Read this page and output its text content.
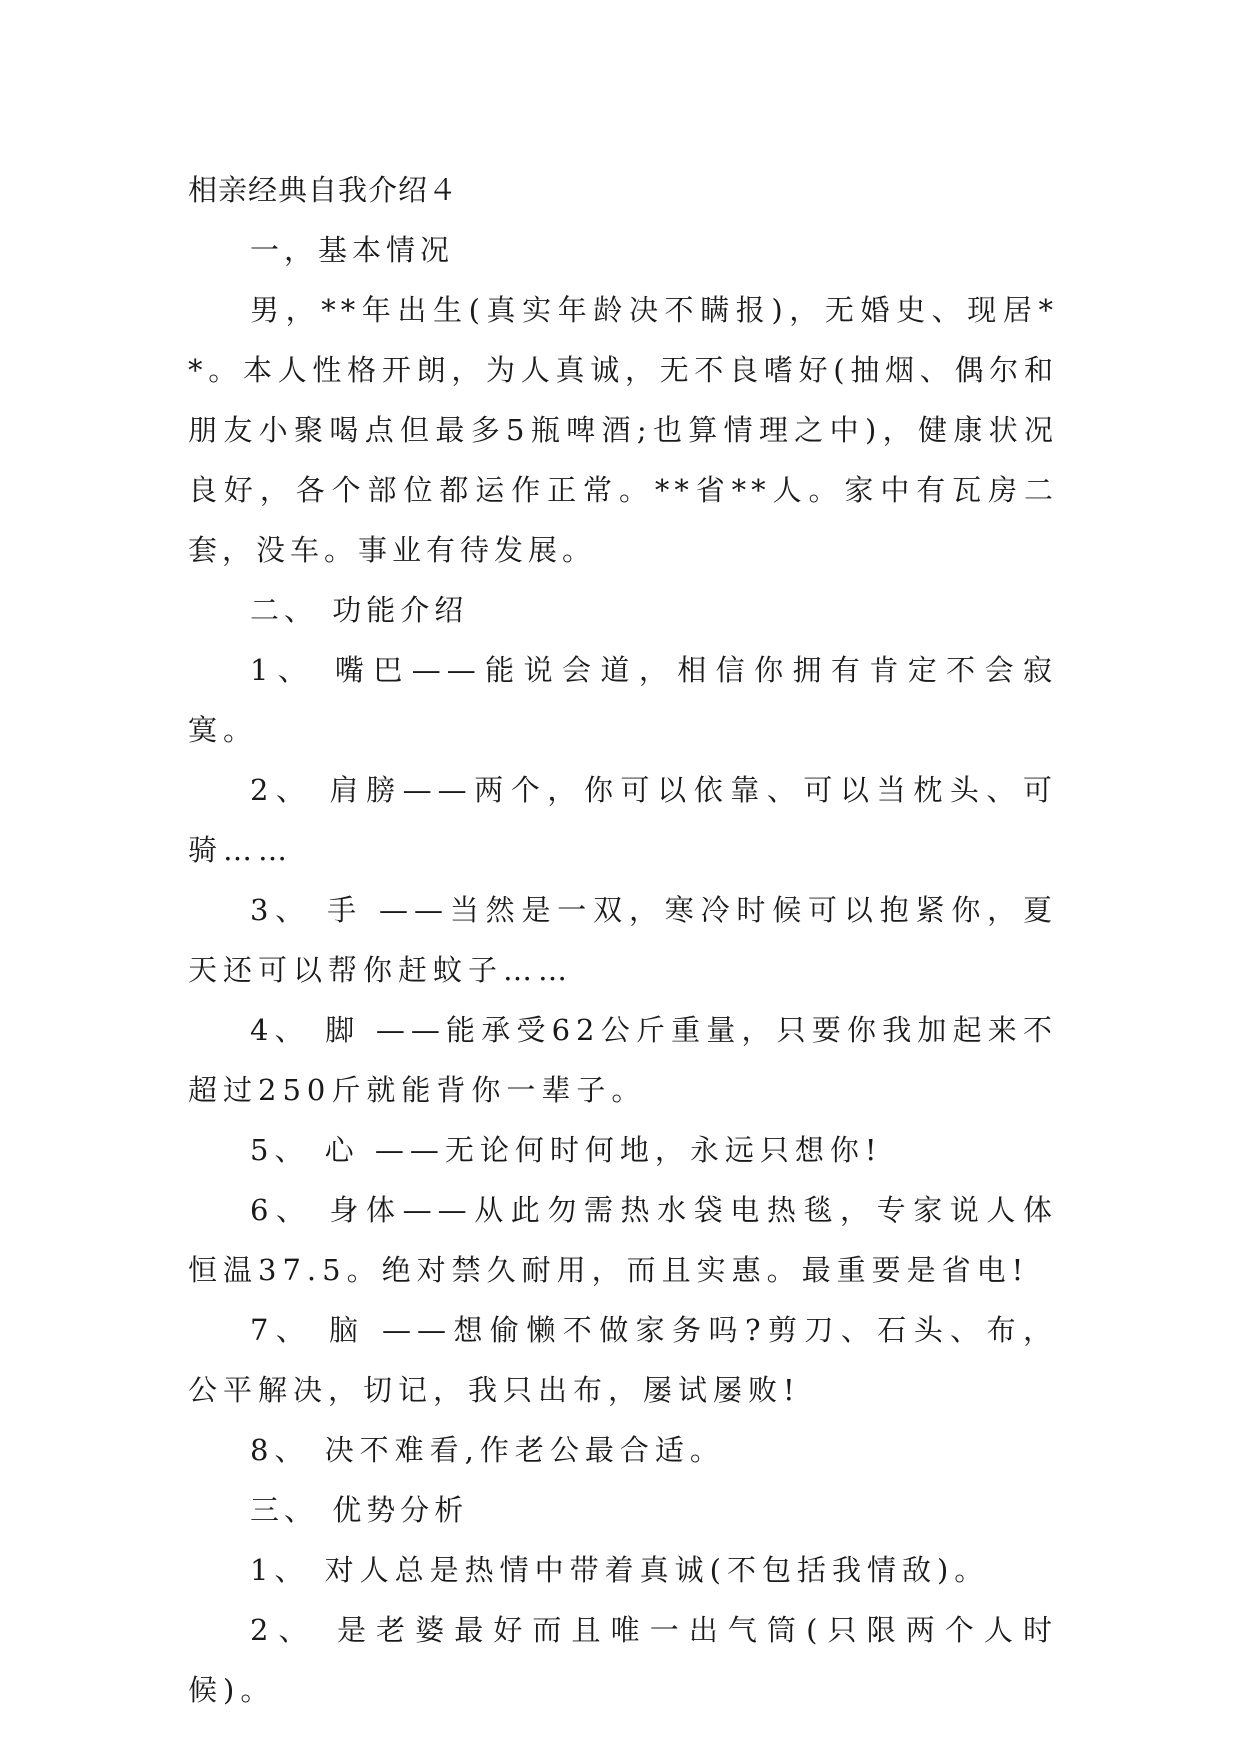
相亲经典自我介绍４

一，基本情况

男，**年出生(真实年龄决不瞒报)，无婚史、现居**。本人性格开朗，为人真诚，无不良嗜好(抽烟、偶尔和朋友小聚喝点但最多5瓶啤酒;也算情理之中)，健康状况良好，各个部位都运作正常。**省**人。家中有瓦房二套，没车。事业有待发展。

二、 功能介绍

1、 嘴巴——能说会道，相信你拥有肯定不会寂寞。

2、 肩膀——两个，你可以依靠、可以当枕头、可骑……

3、 手 ——当然是一双，寒冷时候可以抱紧你，夏天还可以帮你赶蚊子……

4、 脚 ——能承受62公斤重量，只要你我加起来不超过250斤就能背你一辈子。

5、 心 ——无论何时何地，永远只想你!

6、 身体——从此勿需热水袋电热毯，专家说人体恒温37.5。绝对禁久耐用，而且实惠。最重要是省电!

7、 脑 ——想偷懒不做家务吗?剪刀、石头、布，公平解决，切记，我只出布，屡试屡败!

8、 决不难看,作老公最合适。

三、 优势分析

1、 对人总是热情中带着真诚(不包括我情敌)。

2、 是老婆最好而且唯一出气筒(只限两个人时候)。
